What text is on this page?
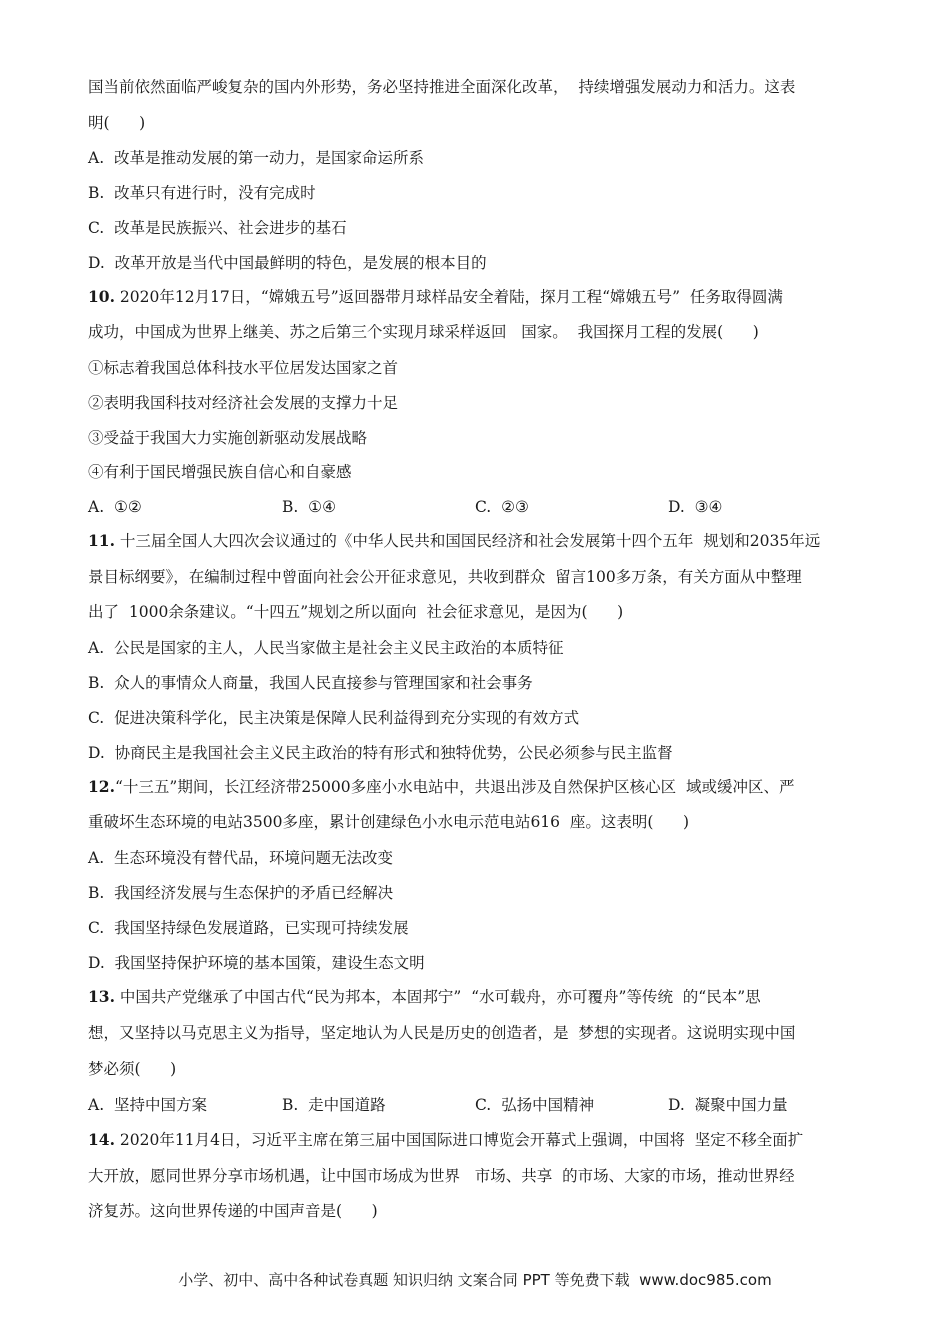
国当前依然面临严峻复杂的国内外形势，务必坚持推进全面深化改革，  持续增强发展动力和活力。这表
明(      )
A.  改革是推动发展的第一动力，是国家命运所系
B.  改革只有进行时，没有完成时
C.  改革是民族振兴、社会进步的基石
D.  改革开放是当代中国最鲜明的特色，是发展的根本目的
10. 2020年12月17日，“嫦娥五号”返回器带月球样品安全着陆，探月工程“嫦娥五号”  任务取得圆满
成功，中国成为世界上继美、苏之后第三个实现月球采样返回   国家。  我国探月工程的发展(      )
①标志着我国总体科技水平位居发达国家之首
②表明我国科技对经济社会发展的支撑力十足
③受益于我国大力实施创新驱动发展战略
④有利于国民增强民族自信心和自豪感
A.  ①②	B.  ①④	C.  ②③	D.  ③④
11. 十三届全国人大四次会议通过的《中华人民共和国国民经济和社会发展第十四个五年  规划和2035年远
景目标纲要》，在编制过程中曾面向社会公开征求意见，共收到群众  留言100多万条，有关方面从中整理
出了  1000余条建议。“十四五”规划之所以面向  社会征求意见，是因为(      )
A.  公民是国家的主人，人民当家做主是社会主义民主政治的本质特征
B.  众人的事情众人商量，我国人民直接参与管理国家和社会事务
C.  促进决策科学化，民主决策是保障人民利益得到充分实现的有效方式
D.  协商民主是我国社会主义民主政治的特有形式和独特优势，公民必须参与民主监督
12.“十三五”期间，长江经济带25000多座小水电站中，共退出涉及自然保护区核心区  域或缓冲区、严
重破坏生态环境的电站3500多座，累计创建绿色小水电示范电站616  座。这表明(      )
A.  生态环境没有替代品，环境问题无法改变
B.  我国经济发展与生态保护的矛盾已经解决
C.  我国坚持绿色发展道路，已实现可持续发展
D.  我国坚持保护环境的基本国策，建设生态文明
13. 中国共产党继承了中国古代“民为邦本，本固邦宁”  “水可载舟，亦可覆舟”等传统  的“民本”思
想，又坚持以马克思主义为指导，坚定地认为人民是历史的创造者，是  梦想的实现者。这说明实现中国
梦必须(      )
A.  坚持中国方案	B.  走中国道路	C.  弘扬中国精神	D.  凝聚中国力量
14. 2020年11月4日，习近平主席在第三届中国国际进口博览会开幕式上强调，中国将  坚定不移全面扩
大开放，愿同世界分享市场机遇，让中国市场成为世界   市场、共享  的市场、大家的市场，推动世界经
济复苏。这向世界传递的中国声音是(      )
小学、初中、高中各种试卷真题 知识归纳 文案合同 PPT 等免费下载  www.doc985.com
